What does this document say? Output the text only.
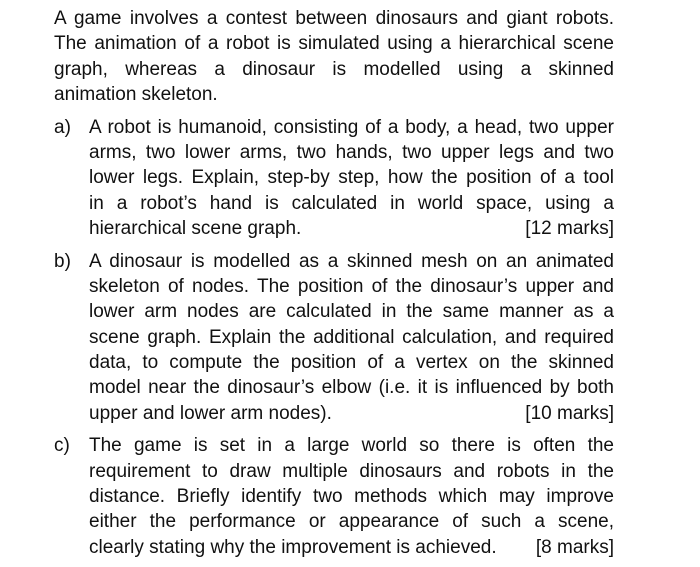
A game involves a contest between dinosaurs and giant robots.
The animation of a robot is simulated using a hierarchical scene
graph, whereas a dinosaur is modelled using a skinned
animation skeleton.
a) A robot is humanoid, consisting of a body, a head, two upper
arms, two lower arms, two hands, two upper legs and two
lower legs. Explain, step-by step, how the position of a tool
in a robot’s hand is calculated in world space, using a
hierarchical scene graph.	[12 marks]
b) A dinosaur is modelled as a skinned mesh on an animated
skeleton of nodes. The position of the dinosaur’s upper and
lower arm nodes are calculated in the same manner as a
scene graph. Explain the additional calculation, and required
data, to compute the position of a vertex on the skinned
model near the dinosaur’s elbow (i.e. it is influenced by both
upper and lower arm nodes).	[10 marks]
c) The game is set in a large world so there is often the
requirement to draw multiple dinosaurs and robots in the
distance. Briefly identify two methods which may improve
either the performance or appearance of such a scene,
clearly stating why the improvement is achieved. [8 marks]
